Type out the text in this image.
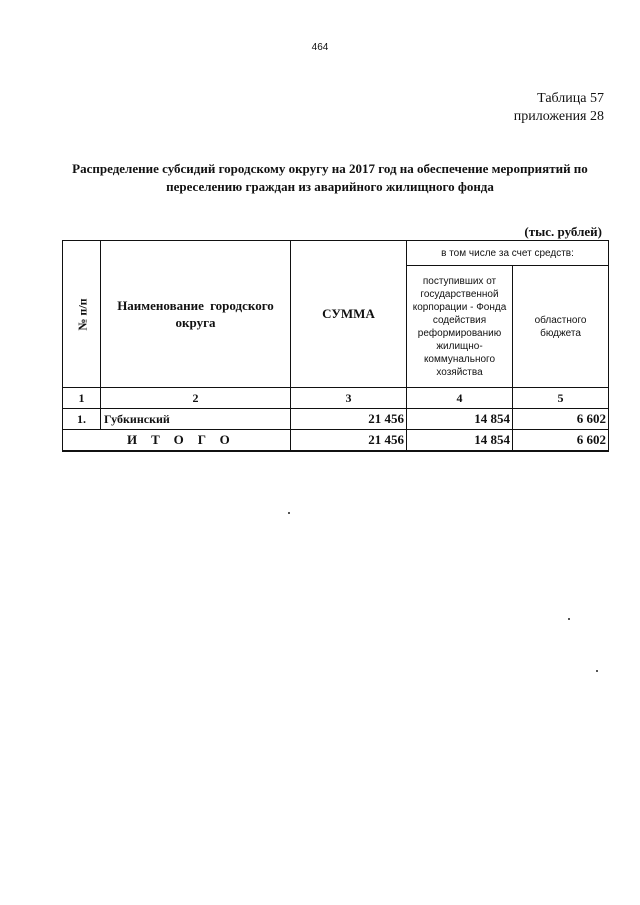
464
Таблица 57
приложения 28
Распределение субсидий городскому округу на 2017 год на обеспечение мероприятий по
переселению граждан из аварийного жилищного фонда
(тыс. рублей)
№ п/п	Наименование городского округа	СУММА	в том числе за счет средств:	
			поступивших от государственной корпорации - Фонда содействия реформированию жилищно-коммунального хозяйства	областного бюджета
1	2	3	4	5
1.	Губкинский	21 456	14 854	6 602
ИТОГО		21 456	14 854	6 602
